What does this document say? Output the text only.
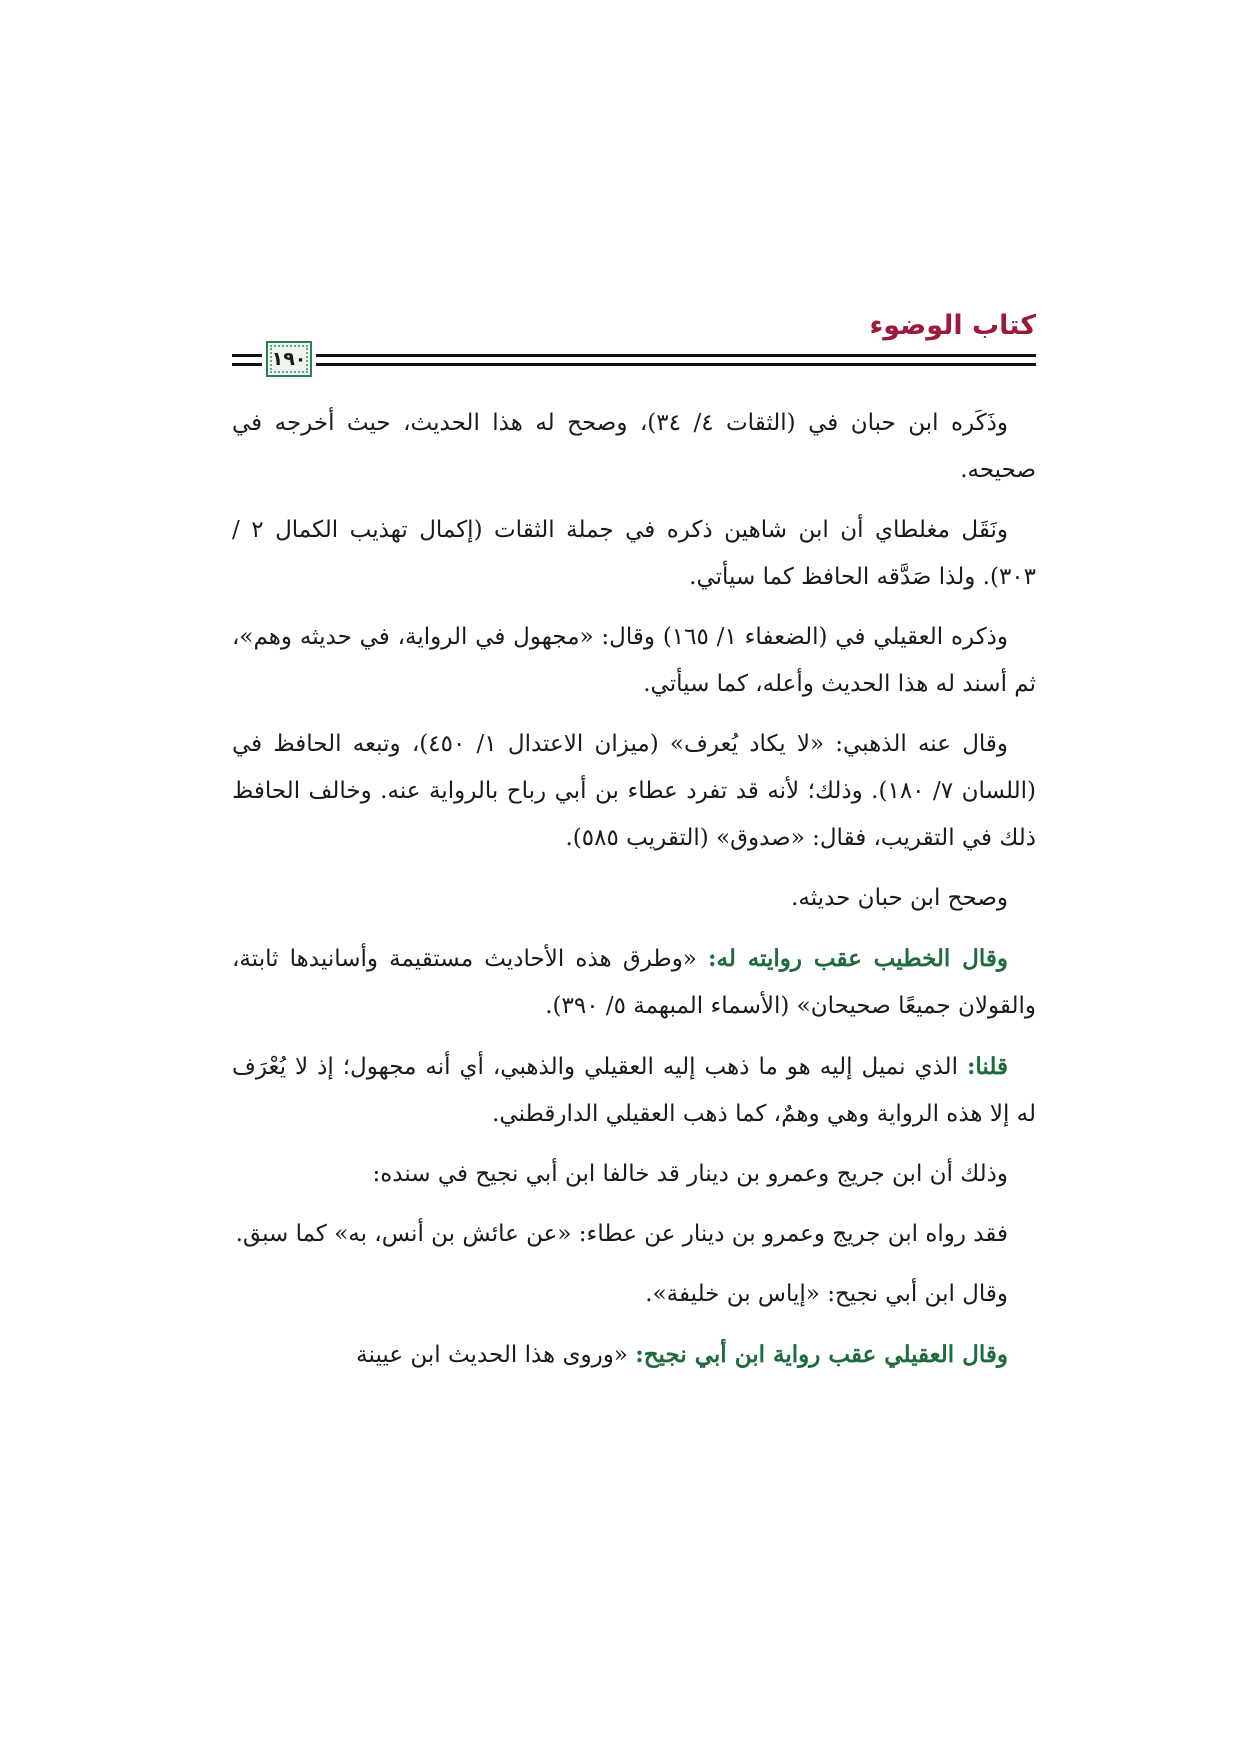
كتاب الوضوء
١٩٠

وذَكَره ابن حبان في (الثقات ٤/ ٣٤)، وصحح له هذا الحديث، حيث أخرجه في صحيحه.

ونَقَل مغلطاي أن ابن شاهين ذكره في جملة الثقات (إكمال تهذيب الكمال ٢ / ٣٠٣). ولذا صَدَّقه الحافظ كما سيأتي.

وذكره العقيلي في (الضعفاء ١/ ١٦٥) وقال: «مجهول في الرواية، في حديثه وهم»، ثم أسند له هذا الحديث وأعله، كما سيأتي.

وقال عنه الذهبي: «لا يكاد يُعرف» (ميزان الاعتدال ١/ ٤٥٠)، وتبعه الحافظ في (اللسان ٧/ ١٨٠). وذلك؛ لأنه قد تفرد عطاء بن أبي رباح بالرواية عنه. وخالف الحافظ ذلك في التقريب، فقال: «صدوق» (التقريب ٥٨٥).

وصحح ابن حبان حديثه.

وقال الخطيب عقب روايته له: «وطرق هذه الأحاديث مستقيمة وأسانيدها ثابتة، والقولان جميعًا صحيحان» (الأسماء المبهمة ٥/ ٣٩٠).

قلنا: الذي نميل إليه هو ما ذهب إليه العقيلي والذهبي، أي أنه مجهول؛ إذ لا يُعْرَف له إلا هذه الرواية وهي وهمٌ، كما ذهب العقيلي الدارقطني.

وذلك أن ابن جريج وعمرو بن دينار قد خالفا ابن أبي نجيح في سنده:

فقد رواه ابن جريج وعمرو بن دينار عن عطاء: «عن عائش بن أنس، به» كما سبق.

وقال ابن أبي نجيح: «إياس بن خليفة».

وقال العقيلي عقب رواية ابن أبي نجيح: «وروى هذا الحديث ابن عيينة
